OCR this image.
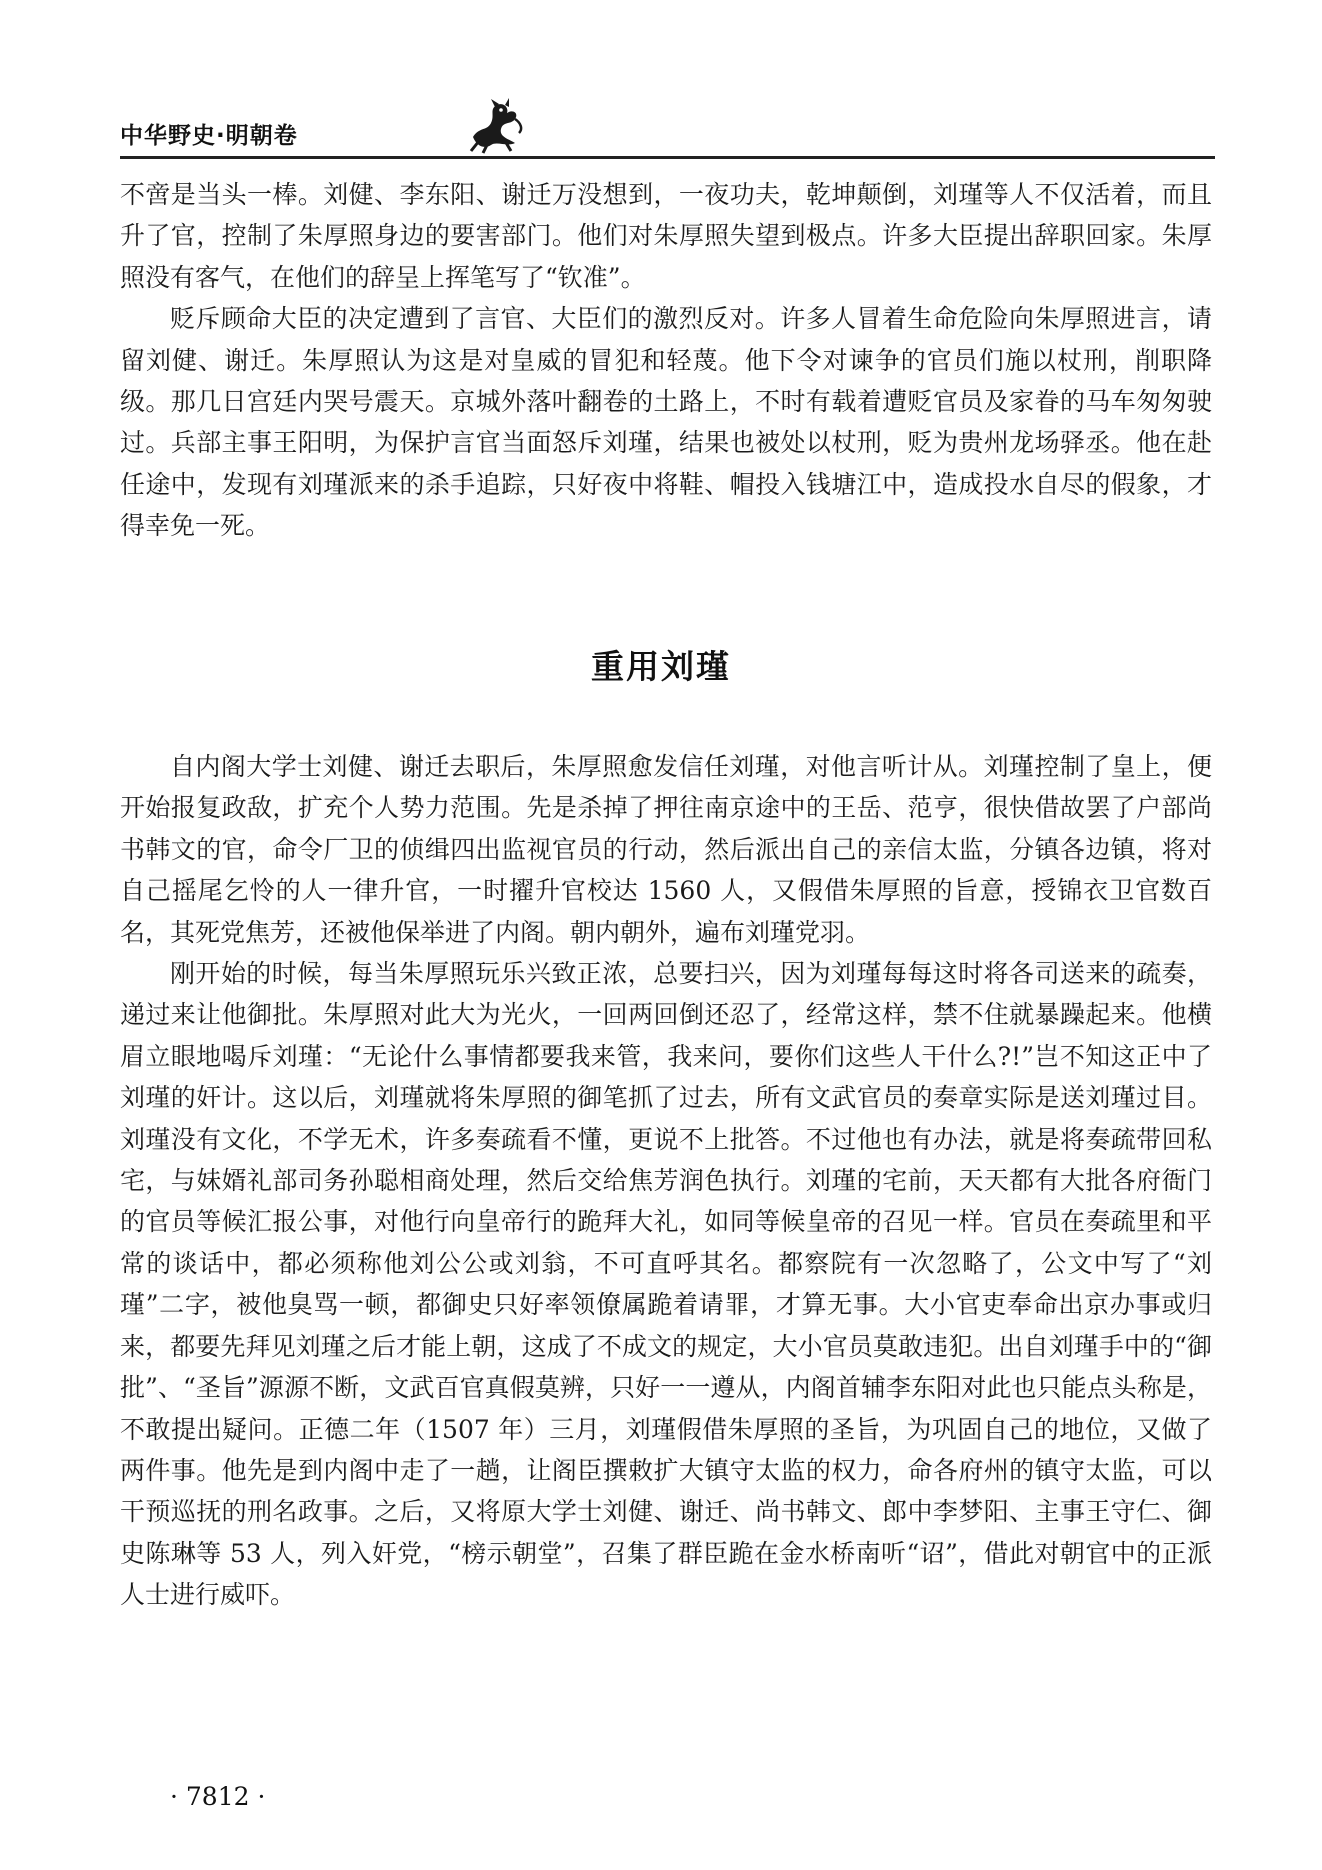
中华野史·明朝卷

不啻是当头一棒。刘健、李东阳、谢迁万没想到，一夜功夫，乾坤颠倒，刘瑾等人不仅活着，而且升了官，控制了朱厚照身边的要害部门。他们对朱厚照失望到极点。许多大臣提出辞职回家。朱厚照没有客气，在他们的辞呈上挥笔写了“钦准”。

贬斥顾命大臣的决定遭到了言官、大臣们的激烈反对。许多人冒着生命危险向朱厚照进言，请留刘健、谢迁。朱厚照认为这是对皇威的冒犯和轻蔑。他下令对谏争的官员们施以杖刑，削职降级。那几日宫廷内哭号震天。京城外落叶翻卷的土路上，不时有载着遭贬官员及家眷的马车匆匆驶过。兵部主事王阳明，为保护言官当面怒斥刘瑾，结果也被处以杖刑，贬为贵州龙场驿丞。他在赴任途中，发现有刘瑾派来的杀手追踪，只好夜中将鞋、帽投入钱塘江中，造成投水自尽的假象，才得幸免一死。

重用刘瑾

自内阁大学士刘健、谢迁去职后，朱厚照愈发信任刘瑾，对他言听计从。刘瑾控制了皇上，便开始报复政敌，扩充个人势力范围。先是杀掉了押往南京途中的王岳、范亨，很快借故罢了户部尚书韩文的官，命令厂卫的侦缉四出监视官员的行动，然后派出自己的亲信太监，分镇各边镇，将对自己摇尾乞怜的人一律升官，一时擢升官校达 1560 人，又假借朱厚照的旨意，授锦衣卫官数百名，其死党焦芳，还被他保举进了内阁。朝内朝外，遍布刘瑾党羽。

刚开始的时候，每当朱厚照玩乐兴致正浓，总要扫兴，因为刘瑾每每这时将各司送来的疏奏，递过来让他御批。朱厚照对此大为光火，一回两回倒还忍了，经常这样，禁不住就暴躁起来。他横眉立眼地喝斥刘瑾：“无论什么事情都要我来管，我来问，要你们这些人干什么?!”岂不知这正中了刘瑾的奸计。这以后，刘瑾就将朱厚照的御笔抓了过去，所有文武官员的奏章实际是送刘瑾过目。刘瑾没有文化，不学无术，许多奏疏看不懂，更说不上批答。不过他也有办法，就是将奏疏带回私宅，与妹婿礼部司务孙聪相商处理，然后交给焦芳润色执行。刘瑾的宅前，天天都有大批各府衙门的官员等候汇报公事，对他行向皇帝行的跪拜大礼，如同等候皇帝的召见一样。官员在奏疏里和平常的谈话中，都必须称他刘公公或刘翁，不可直呼其名。都察院有一次忽略了，公文中写了“刘瑾”二字，被他臭骂一顿，都御史只好率领僚属跪着请罪，才算无事。大小官吏奉命出京办事或归来，都要先拜见刘瑾之后才能上朝，这成了不成文的规定，大小官员莫敢违犯。出自刘瑾手中的“御批”、“圣旨”源源不断，文武百官真假莫辨，只好一一遵从，内阁首辅李东阳对此也只能点头称是，不敢提出疑问。正德二年（1507 年）三月，刘瑾假借朱厚照的圣旨，为巩固自己的地位，又做了两件事。他先是到内阁中走了一趟，让阁臣撰敕扩大镇守太监的权力，命各府州的镇守太监，可以干预巡抚的刑名政事。之后，又将原大学士刘健、谢迁、尚书韩文、郎中李梦阳、主事王守仁、御史陈琳等 53 人，列入奸党，“榜示朝堂”，召集了群臣跪在金水桥南听“诏”，借此对朝官中的正派人士进行威吓。

· 7812 ·
